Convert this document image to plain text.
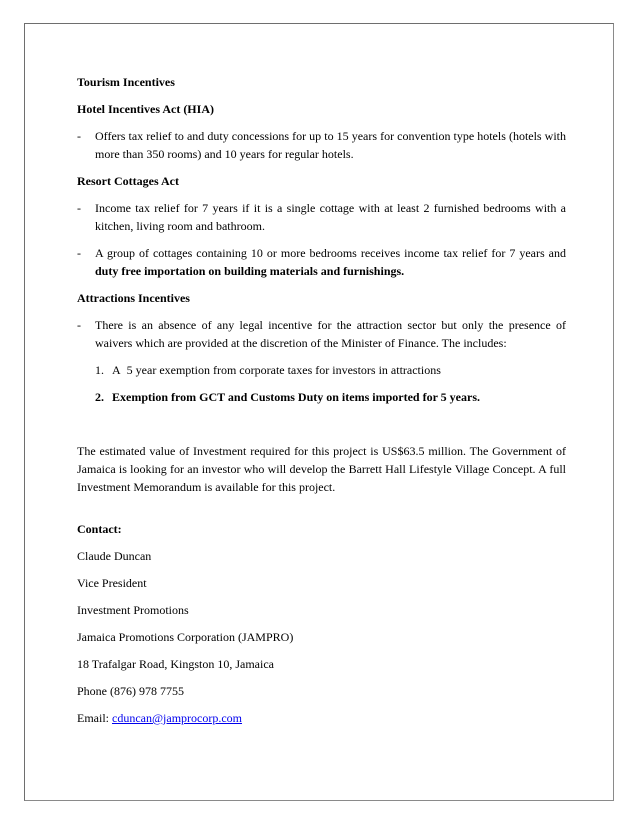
Tourism Incentives
Hotel Incentives Act (HIA)
-	Offers tax relief to and duty concessions for up to 15 years for convention type hotels (hotels with more than 350 rooms) and 10 years for regular hotels.
Resort Cottages Act
-	Income tax relief for 7 years if it is a single cottage with at least 2 furnished bedrooms with a kitchen, living room and bathroom.
-	A group of cottages containing 10 or more bedrooms receives income tax relief for 7 years and duty free importation on building materials and furnishings.
Attractions Incentives
-	There is an absence of any legal incentive for the attraction sector but only the presence of waivers which are provided at the discretion of the Minister of Finance. The includes:
1. A  5 year exemption from corporate taxes for investors in attractions
2. Exemption from GCT and Customs Duty on items imported for 5 years.
The estimated value of Investment required for this project is US$63.5 million. The Government of Jamaica is looking for an investor who will develop the Barrett Hall Lifestyle Village Concept. A full Investment Memorandum is available for this project.
Contact:
Claude Duncan
Vice President
Investment Promotions
Jamaica Promotions Corporation (JAMPRO)
18 Trafalgar Road, Kingston 10, Jamaica
Phone (876) 978 7755
Email: cduncan@jamprocorp.com
